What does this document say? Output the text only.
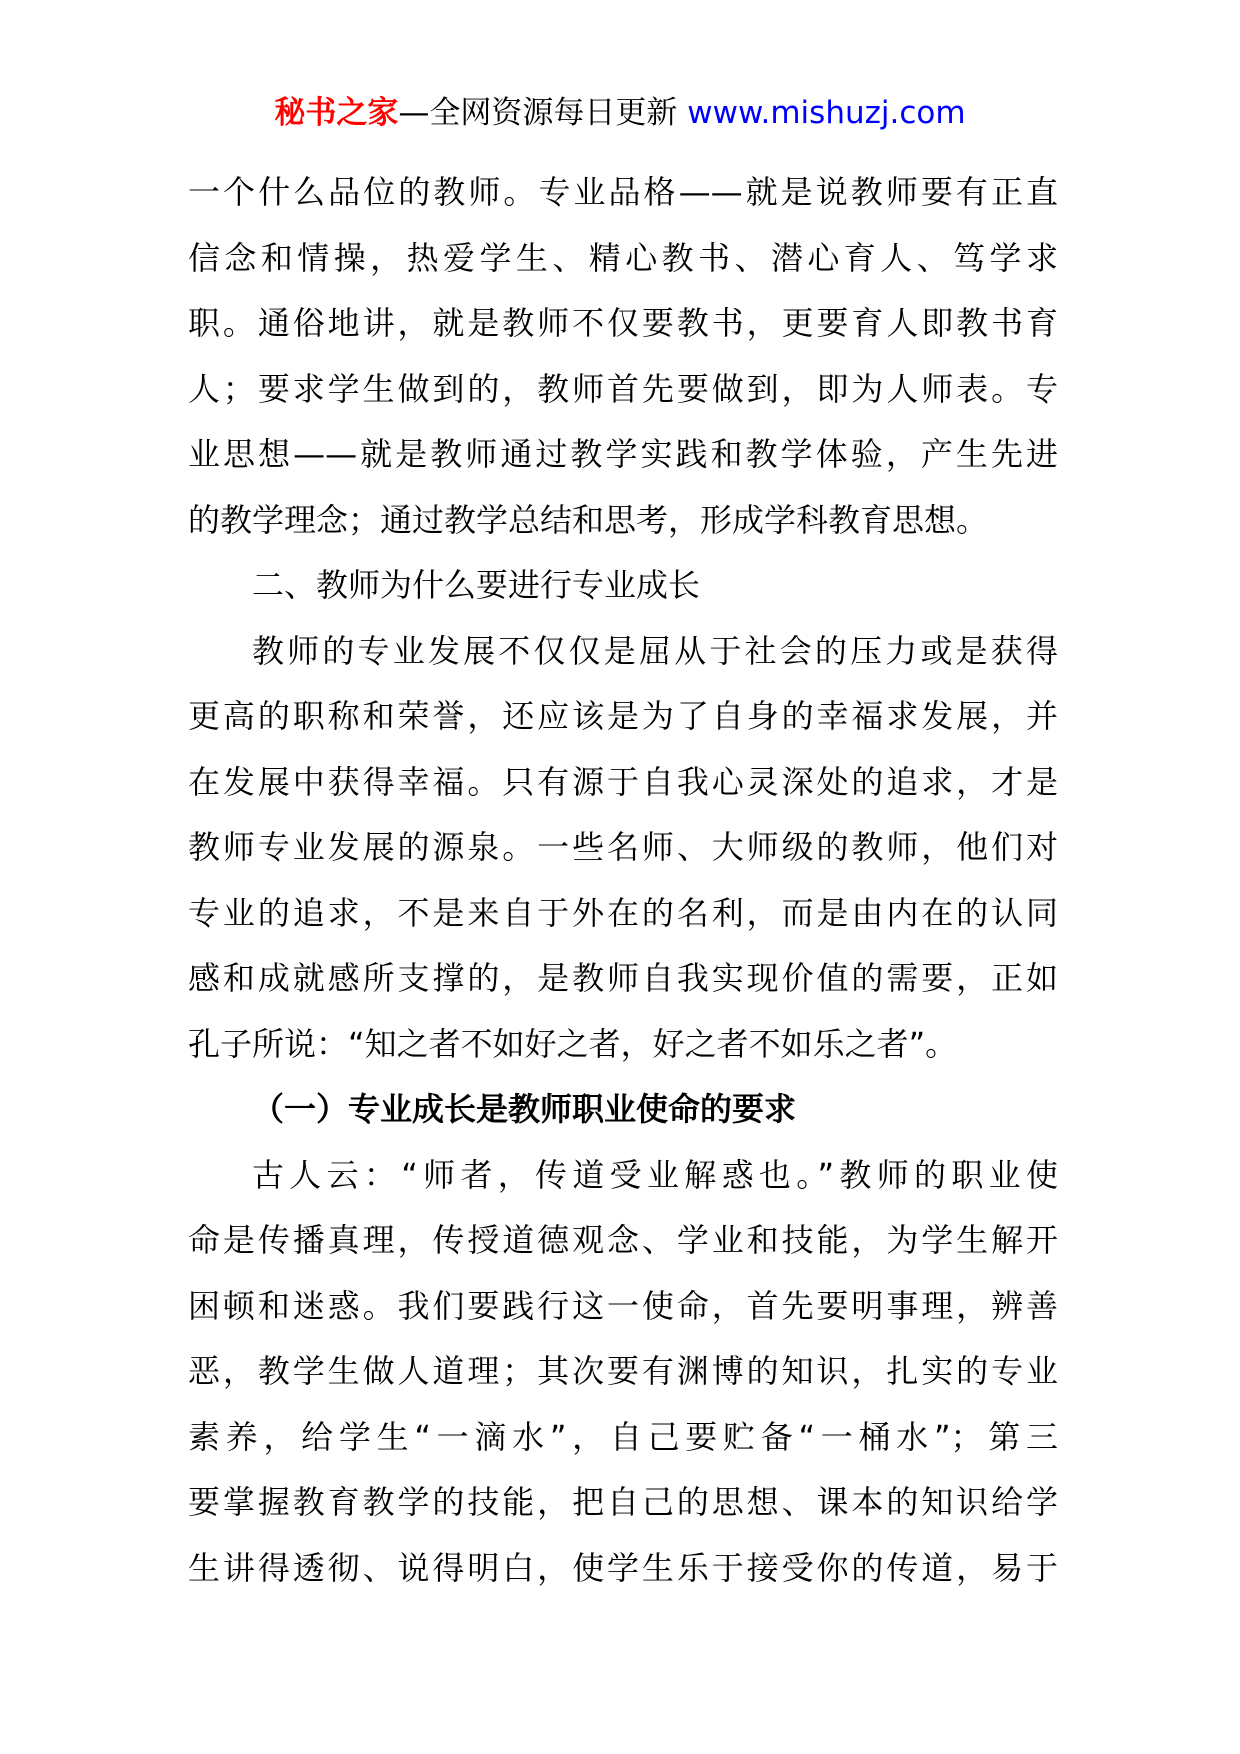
秘书之家—全网资源每日更新 www.mishuzj.com
一个什么品位的教师。专业品格——就是说教师要有正直
信念和情操，热爱学生、精心教书、潜心育人、笃学求
职。通俗地讲，就是教师不仅要教书，更要育人即教书育
人；要求学生做到的，教师首先要做到，即为人师表。专
业思想——就是教师通过教学实践和教学体验，产生先进
的教学理念；通过教学总结和思考，形成学科教育思想。
二、教师为什么要进行专业成长
教师的专业发展不仅仅是屈从于社会的压力或是获得
更高的职称和荣誉，还应该是为了自身的幸福求发展，并
在发展中获得幸福。只有源于自我心灵深处的追求，才是
教师专业发展的源泉。一些名师、大师级的教师，他们对
专业的追求，不是来自于外在的名利，而是由内在的认同
感和成就感所支撑的，是教师自我实现价值的需要，正如
孔子所说：“知之者不如好之者，好之者不如乐之者”。
（一）专业成长是教师职业使命的要求
古人云：“师者，传道受业解惑也。”教师的职业使
命是传播真理，传授道德观念、学业和技能，为学生解开
困顿和迷惑。我们要践行这一使命，首先要明事理，辨善
恶，教学生做人道理；其次要有渊博的知识，扎实的专业
素养，给学生“一滴水”，自己要贮备“一桶水”；第三
要掌握教育教学的技能，把自己的思想、课本的知识给学
生讲得透彻、说得明白，使学生乐于接受你的传道，易于
